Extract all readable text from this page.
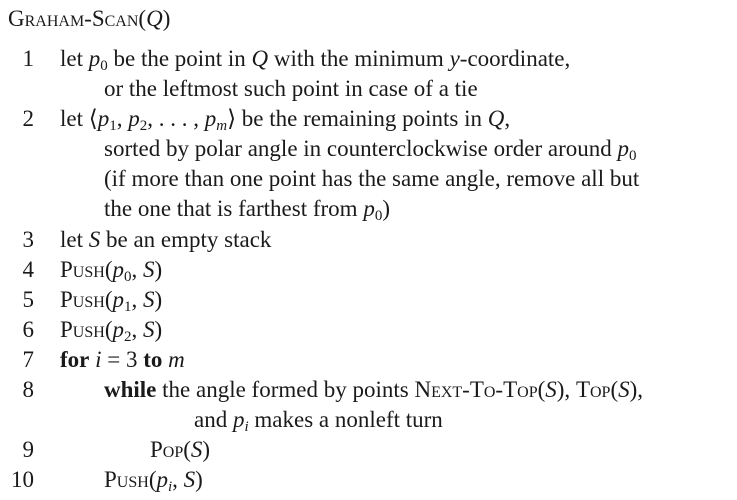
Graham-Scan(Q)
1 let $p_0$ be the point in Q with the minimum y-coordinate,
or the leftmost such point in case of a tie
2 let $⟨p_1$, $p_2$, . . . , $p_m⟩$ be the remaining points in Q,
sorted by polar angle in counterclockwise order around $p_0$
(if more than one point has the same angle, remove all but
the one that is farthest from $p_0$)
3 let S be an empty stack
4 $Push(p_0$, S)
5 $Push(p_1$, S)
6 $Push(p_2$, S)
7 for i = 3 to m
8	while the angle formed by points Next-To-Top(S), Top(S),
and $p_i$ makes a nonleft turn
9	Pop(S)
10	$Push(p_i$, S)
